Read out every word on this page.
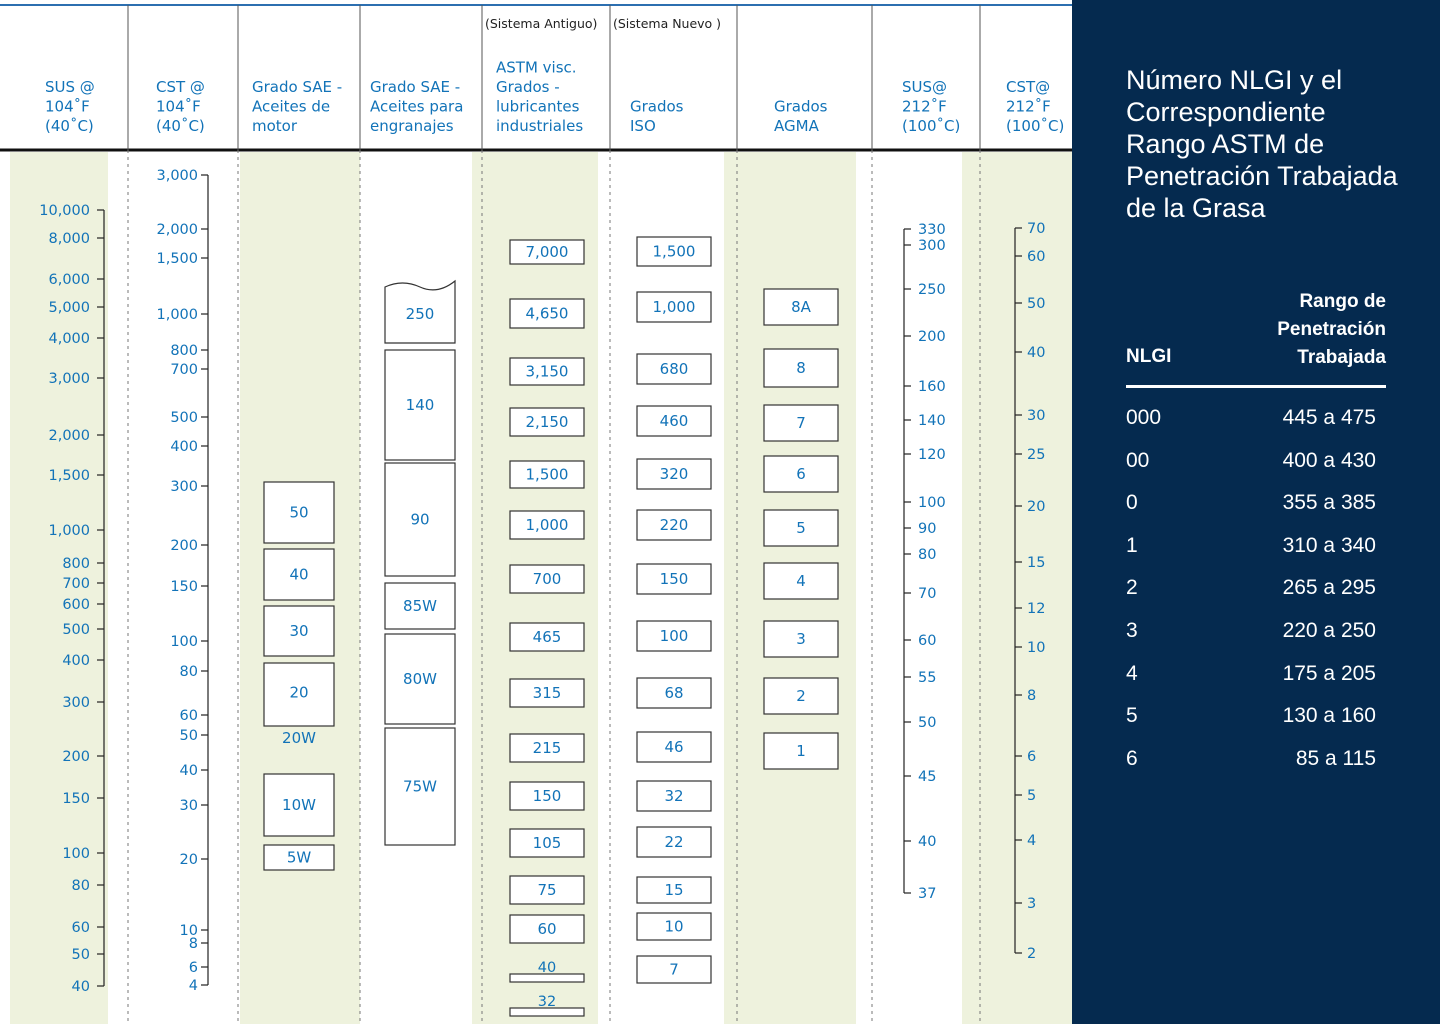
SUS @ 104˚F (40˚C)
CST @ 104˚F (40˚C)
Grado SAE -Aceites de motor
Grado SAE -Aceites para engranajes
ASTM visc. Grados -lubricantes industriales
(Sistema Antiguo)
Grados ISO
(Sistema Nuevo )
Grados AGMA
SUS@ 212˚F (100˚C)
CST@ 212˚F (100˚C)
10,000
8,000
6,000
5,000
4,000
3,000
2,000
1,500
1,000
800
700
600
500
400
300
200
150
100
80
60
50
40
3,000
2,000
1,500
1,000
800
700
500
400
300
200
150
100
80
60
50
40
30
20
10
8
6
4
330
300
250
200
160
140
120
100
90
80
70
60
55
50
45
40
37
70
60
50
40
30
25
20
15
12
10
8
6
5
4
3
2
50
40
30
20
20W
10W
5W
250
140
90
85W
80W
75W
7,000
4,650
3,150
2,150
1,500
1,000
700
465
315
215
150
105
75
60
40
32
1,500
1,000
680
460
320
220
150
100
68
46
32
22
15
10
7
8A
8
7
6
5
4
3
2
1
Número NLGI y el
Correspondiente
Rango ASTM de
Penetración Trabajada
de la Grasa
Rango de
Penetración
Trabajada
NLGI
000	445 a 475
00	400 a 430
0	355 a 385
1	310 a 340
2	265 a 295
3	220 a 250
4	175 a 205
5	130 a 160
6	85 a 115
